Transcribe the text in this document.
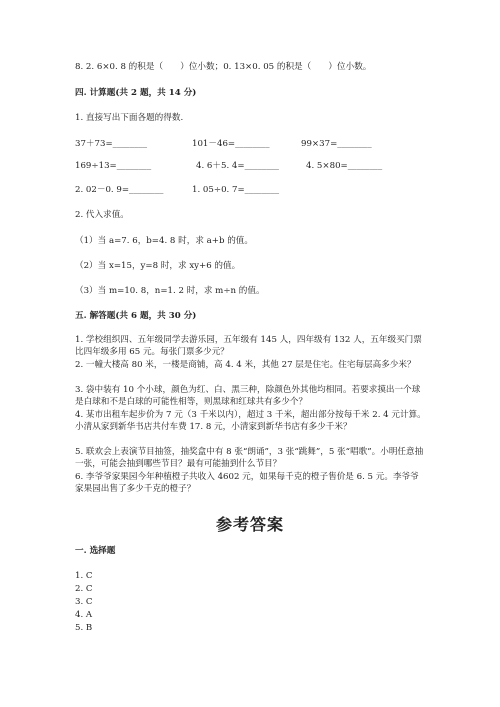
8. 2. 6×0. 8 的积是（　　）位小数；0. 13×0. 05 的积是（　　）位小数。
四. 计算题(共 2 题，共 14 分)
1. 直接写出下面各题的得数.
37＋73=________	101－46=________	99×37=________
169÷13=________	4. 6＋5. 4=________	4. 5×80=________
2. 02－0. 9=________	1. 05÷0. 7=________
2. 代入求值。
（1）当 a=7. 6，b=4. 8 时，求 a+b 的值。
（2）当 x=15，y=8 时，求 xy+6 的值。
（3）当 m=10. 8，n=1. 2 时，求 m÷n 的值。
五. 解答题(共 6 题，共 30 分)
1. 学校组织四、五年级同学去游乐园，五年级有 145 人，四年级有 132 人，五年级买门票比四年级多用 65 元。每张门票多少元？
2. 一幢大楼高 80 米，一楼是商铺，高 4. 4 米，其他 27 层是住宅。住宅每层高多少米？
3. 袋中装有 10 个小球，颜色为红、白、黑三种，除颜色外其他均相同。若要求摸出一个球是白球和不是白球的可能性相等，则黑球和红球共有多少个？
4. 某市出租车起步价为 7 元（3 千米以内），超过 3 千米，超出部分按每千米 2. 4 元计算。小清从家到新华书店共付车费 17. 8 元，小清家到新华书店有多少千米？
5. 联欢会上表演节目抽签，抽奖盒中有 8 张“朗诵”，3 张“跳舞”，5 张“唱歌”。小明任意抽一张，可能会抽到哪些节目？最有可能抽到什么节目？
6. 李爷爷家果园今年种植橙子共收入 4602 元，如果每千克的橙子售价是 6. 5 元。李爷爷家果园出售了多少千克的橙子？
参考答案
一. 选择题
1. C
2. C
3. C
4. A
5. B
